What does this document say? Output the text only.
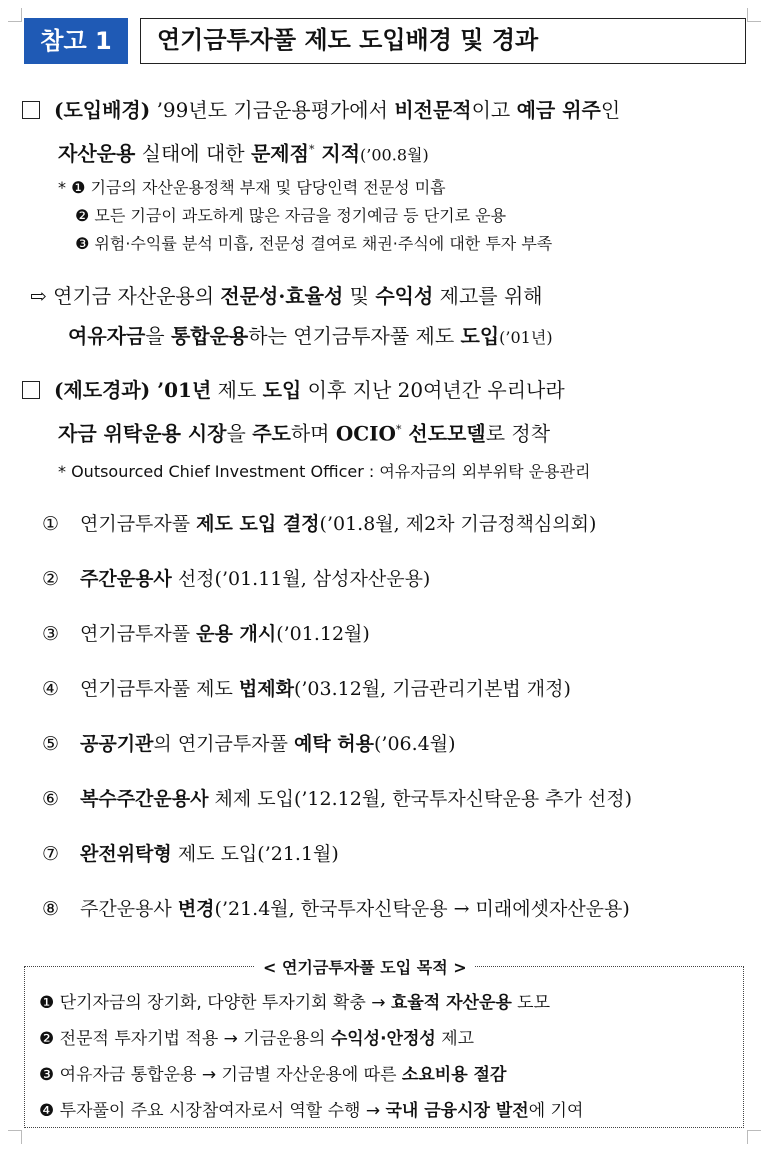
참고 1	연기금투자풀 제도 도입배경 및 경과
(도입배경) ’99년도 기금운용평가에서 비전문적이고 예금 위주인
자산운용 실태에 대한 문제점* 지적(’00.8월)
* ❶ 기금의 자산운용정책 부재 및 담당인력 전문성 미흡
❷ 모든 기금이 과도하게 많은 자금을 정기예금 등 단기로 운용
❸ 위험·수익률 분석 미흡, 전문성 결여로 채권·주식에 대한 투자 부족
⇨ 연기금 자산운용의 전문성·효율성 및 수익성 제고를 위해
여유자금을 통합운용하는 연기금투자풀 제도 도입(’01년)
(제도경과) ’01년 제도 도입 이후 지난 20여년간 우리나라
자금 위탁운용 시장을 주도하며 OCIO* 선도모델로 정착
* Outsourced Chief Investment Officer : 여유자금의 외부위탁 운용관리
① 연기금투자풀 제도 도입 결정(’01.8월, 제2차 기금정책심의회)
② 주간운용사 선정(’01.11월, 삼성자산운용)
③ 연기금투자풀 운용 개시(’01.12월)
④ 연기금투자풀 제도 법제화(’03.12월, 기금관리기본법 개정)
⑤ 공공기관의 연기금투자풀 예탁 허용(’06.4월)
⑥ 복수주간운용사 체제 도입(’12.12월, 한국투자신탁운용 추가 선정)
⑦ 완전위탁형 제도 도입(’21.1월)
⑧ 주간운용사 변경(’21.4월, 한국투자신탁운용 → 미래에셋자산운용)
< 연기금투자풀 도입 목적 >
❶ 단기자금의 장기화, 다양한 투자기회 확충 → 효율적 자산운용 도모
❷ 전문적 투자기법 적용 → 기금운용의 수익성·안정성 제고
❸ 여유자금 통합운용 → 기금별 자산운용에 따른 소요비용 절감
❹ 투자풀이 주요 시장참여자로서 역할 수행 → 국내 금융시장 발전에 기여
